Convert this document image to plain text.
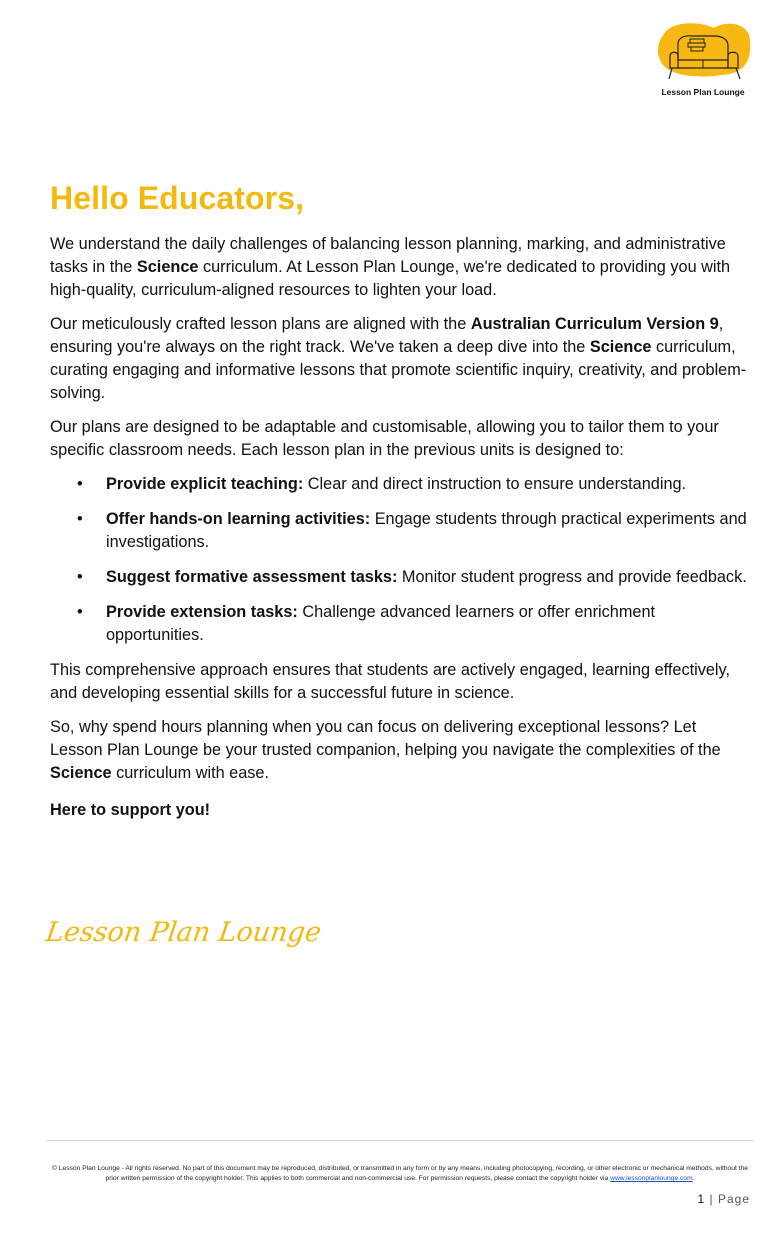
Lesson Plan Lounge
Hello Educators,

We understand the daily challenges of balancing lesson planning, marking, and administrative tasks in the Science curriculum. At Lesson Plan Lounge, we're dedicated to providing you with high-quality, curriculum-aligned resources to lighten your load.

Our meticulously crafted lesson plans are aligned with the Australian Curriculum Version 9, ensuring you're always on the right track. We've taken a deep dive into the Science curriculum, curating engaging and informative lessons that promote scientific inquiry, creativity, and problem-solving.

Our plans are designed to be adaptable and customisable, allowing you to tailor them to your specific classroom needs. Each lesson plan in the previous units is designed to:

• Provide explicit teaching: Clear and direct instruction to ensure understanding.
• Offer hands-on learning activities: Engage students through practical experiments and investigations.
• Suggest formative assessment tasks: Monitor student progress and provide feedback.
• Provide extension tasks: Challenge advanced learners or offer enrichment opportunities.

This comprehensive approach ensures that students are actively engaged, learning effectively, and developing essential skills for a successful future in science.

So, why spend hours planning when you can focus on delivering exceptional lessons? Let Lesson Plan Lounge be your trusted companion, helping you navigate the complexities of the Science curriculum with ease.

Here to support you!

Lesson Plan Lounge
© Lesson Plan Lounge - All rights reserved. No part of this document may be reproduced, distributed, or transmitted in any form or by any means, including photocopying, recording, or other electronic or mechanical methods, without the prior written permission of the copyright holder. This applies to both commercial and non-commercial use. For permission requests, please contact the copyright holder via www.lessonplanlounge.com.
1 | Page
